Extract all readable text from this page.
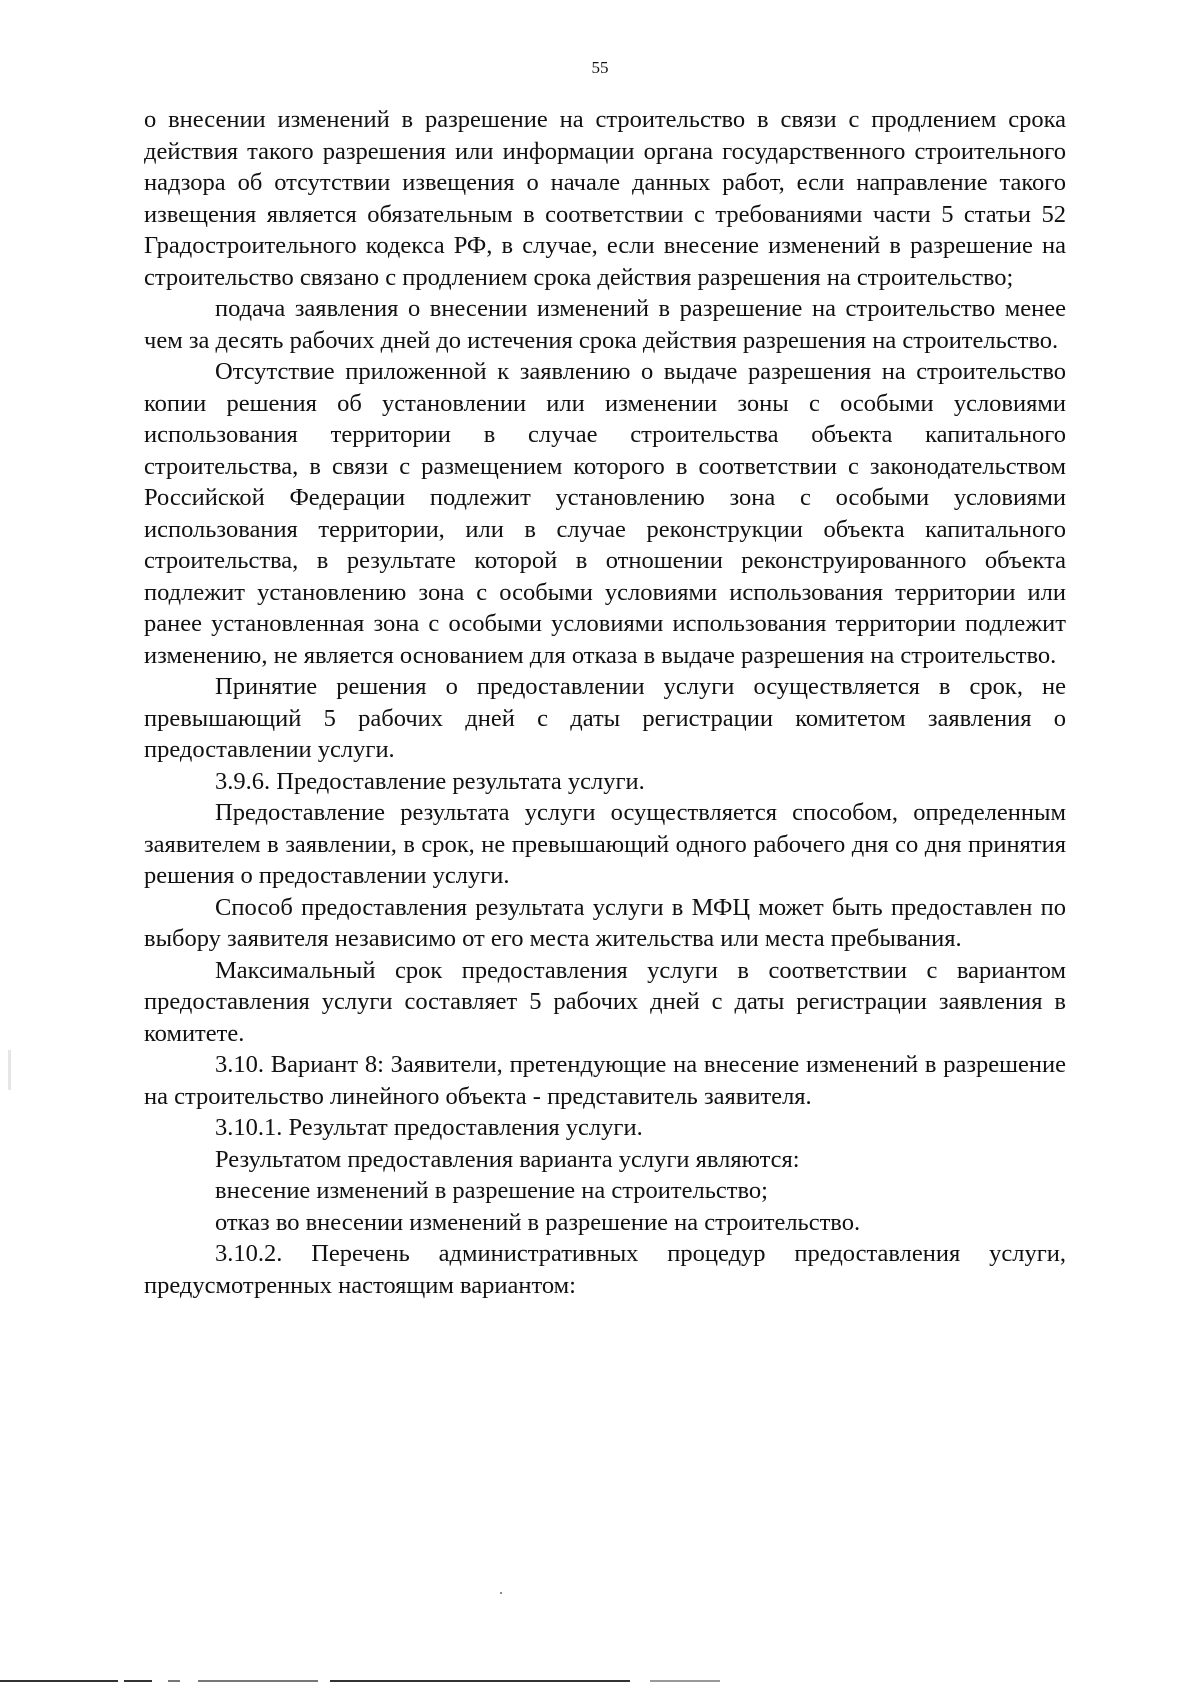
55

о внесении изменений в разрешение на строительство в связи с продлением срока действия такого разрешения или информации органа государственного строительного надзора об отсутствии извещения о начале данных работ, если направление такого извещения является обязательным в соответствии с требованиями части 5 статьи 52 Градостроительного кодекса РФ, в случае, если внесение изменений в разрешение на строительство связано с продлением срока действия разрешения на строительство;

подача заявления о внесении изменений в разрешение на строительство менее чем за десять рабочих дней до истечения срока действия разрешения на строительство.

Отсутствие приложенной к заявлению о выдаче разрешения на строительство копии решения об установлении или изменении зоны с особыми условиями использования территории в случае строительства объекта капитального строительства, в связи с размещением которого в соответствии с законодательством Российской Федерации подлежит установлению зона с особыми условиями использования территории, или в случае реконструкции объекта капитального строительства, в результате которой в отношении реконструированного объекта подлежит установлению зона с особыми условиями использования территории или ранее установленная зона с особыми условиями использования территории подлежит изменению, не является основанием для отказа в выдаче разрешения на строительство.

Принятие решения о предоставлении услуги осуществляется в срок, не превышающий 5 рабочих дней с даты регистрации комитетом заявления о предоставлении услуги.

3.9.6. Предоставление результата услуги.

Предоставление результата услуги осуществляется способом, определенным заявителем в заявлении, в срок, не превышающий одного рабочего дня со дня принятия решения о предоставлении услуги.

Способ предоставления результата услуги в МФЦ может быть предоставлен по выбору заявителя независимо от его места жительства или места пребывания.

Максимальный срок предоставления услуги в соответствии с вариантом предоставления услуги составляет 5 рабочих дней с даты регистрации заявления в комитете.

3.10. Вариант 8: Заявители, претендующие на внесение изменений в разрешение на строительство линейного объекта - представитель заявителя.

3.10.1. Результат предоставления услуги.

Результатом предоставления варианта услуги являются:

внесение изменений в разрешение на строительство;

отказ во внесении изменений в разрешение на строительство.

3.10.2. Перечень административных процедур предоставления услуги, предусмотренных настоящим вариантом:
